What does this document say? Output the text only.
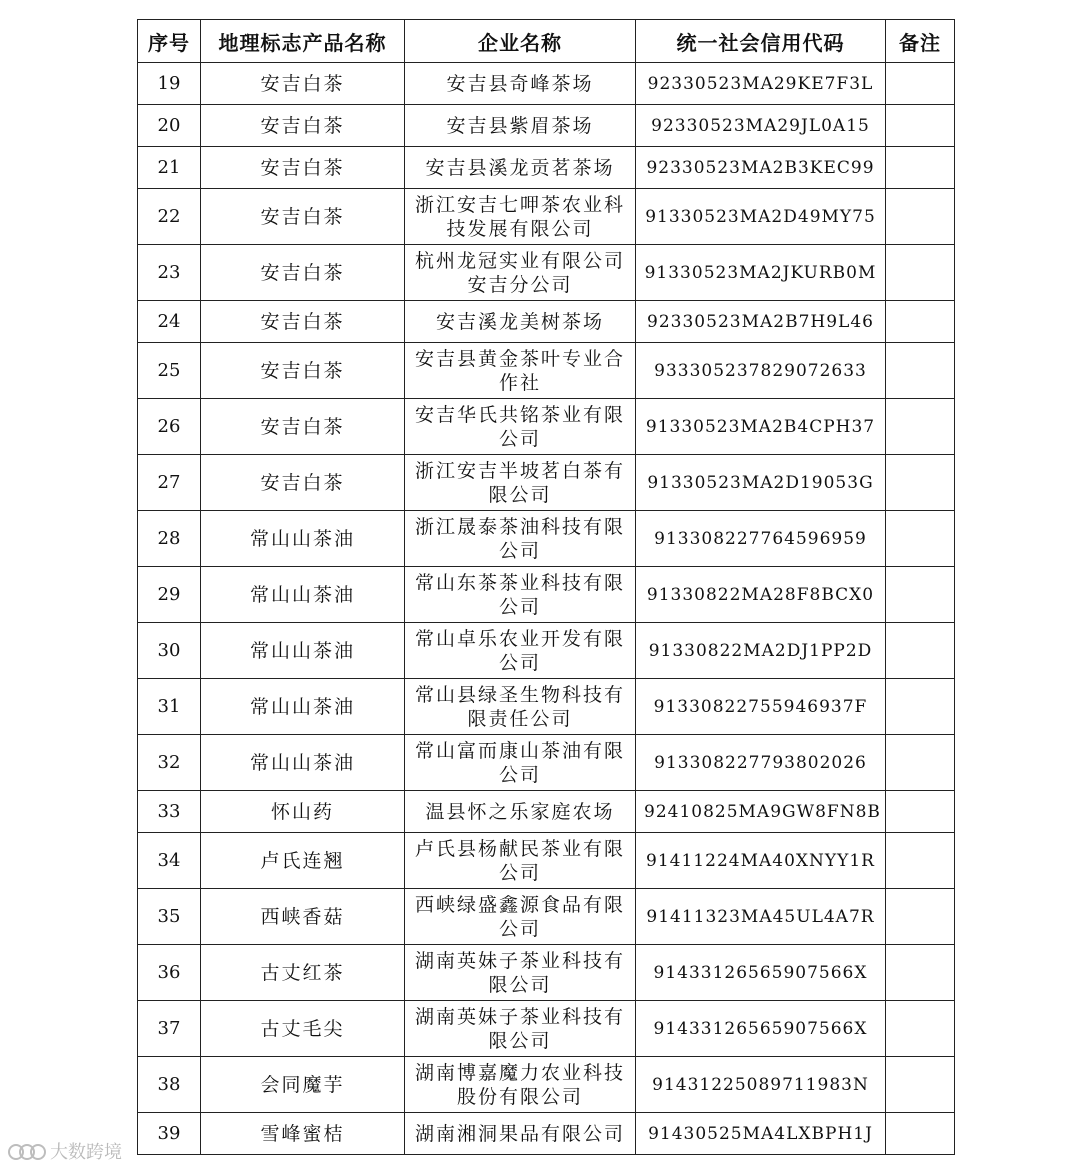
序号	地理标志产品名称	企业名称	统一社会信用代码	备注
19	安吉白茶	安吉县奇峰茶场	92330523MA29KE7F3L	
20	安吉白茶	安吉县紫眉茶场	92330523MA29JL0A15	
21	安吉白茶	安吉县溪龙贡茗茶场	92330523MA2B3KEC99	
22	安吉白茶	浙江安吉七呷茶农业科
技发展有限公司	91330523MA2D49MY75	
23	安吉白茶	杭州龙冠实业有限公司
安吉分公司	91330523MA2JKURB0M	
24	安吉白茶	安吉溪龙美树茶场	92330523MA2B7H9L46	
25	安吉白茶	安吉县黄金茶叶专业合
作社	933305237829072633	
26	安吉白茶	安吉华氏共铭茶业有限
公司	91330523MA2B4CPH37	
27	安吉白茶	浙江安吉半坡茗白茶有
限公司	91330523MA2D19053G	
28	常山山茶油	浙江晟泰茶油科技有限
公司	913308227764596959	
29	常山山茶油	常山东茶茶业科技有限
公司	91330822MA28F8BCX0	
30	常山山茶油	常山卓乐农业开发有限
公司	91330822MA2DJ1PP2D	
31	常山山茶油	常山县绿圣生物科技有
限责任公司	91330822755946937F	
32	常山山茶油	常山富而康山茶油有限
公司	913308227793802026	
33	怀山药	温县怀之乐家庭农场	92410825MA9GW8FN8B	
34	卢氏连翘	卢氏县杨献民茶业有限
公司	91411224MA40XNYY1R	
35	西峡香菇	西峡绿盛鑫源食品有限
公司	91411323MA45UL4A7R	
36	古丈红茶	湖南英妹子茶业科技有
限公司	91433126565907566X	
37	古丈毛尖	湖南英妹子茶业科技有
限公司	91433126565907566X	
38	会同魔芋	湖南博嘉魔力农业科技
股份有限公司	91431225089711983N	
39	雪峰蜜桔	湖南湘洞果品有限公司	91430525MA4LXBPH1J	
大数跨境
